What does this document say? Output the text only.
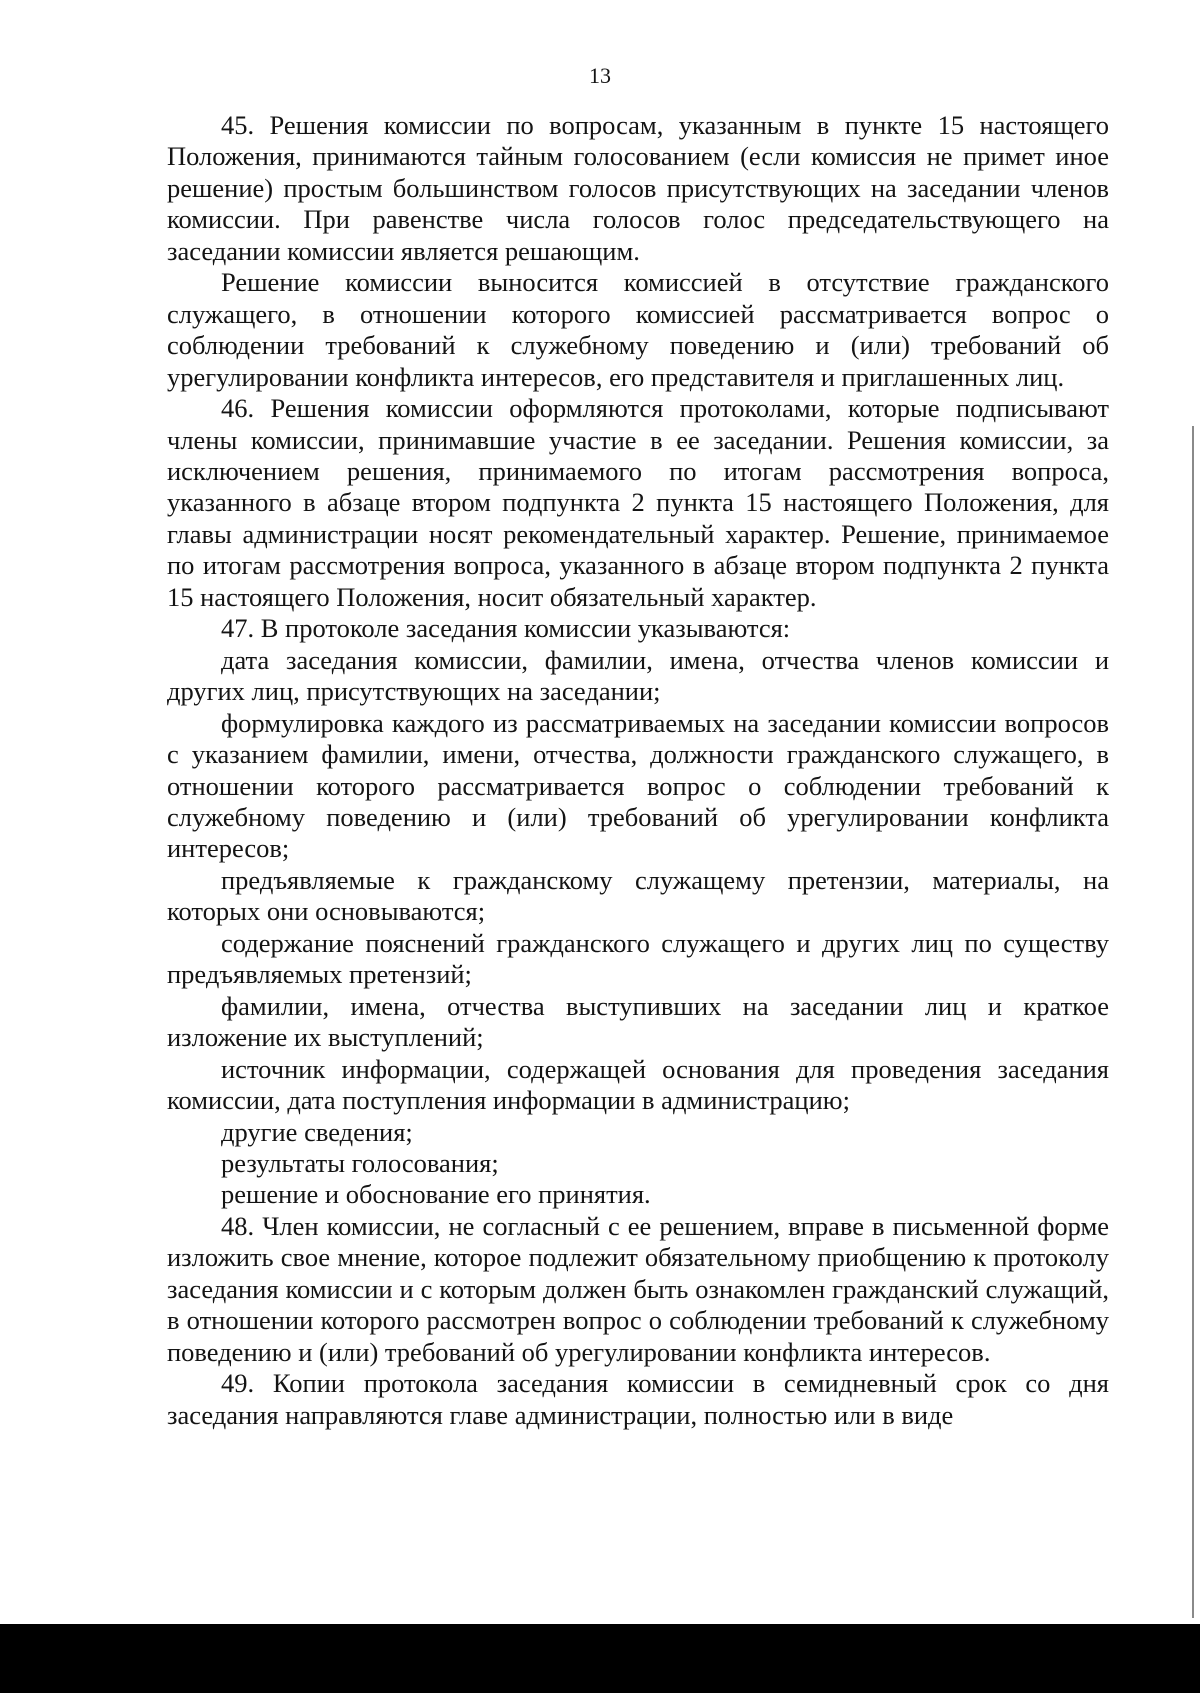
13

45. Решения комиссии по вопросам, указанным в пункте 15 настоящего Положения, принимаются тайным голосованием (если комиссия не примет иное решение) простым большинством голосов присутствующих на заседании членов комиссии. При равенстве числа голосов голос председательствующего на заседании комиссии является решающим.

Решение комиссии выносится комиссией в отсутствие гражданского служащего, в отношении которого комиссией рассматривается вопрос о соблюдении требований к служебному поведению и (или) требований об урегулировании конфликта интересов, его представителя и приглашенных лиц.

46. Решения комиссии оформляются протоколами, которые подписывают члены комиссии, принимавшие участие в ее заседании. Решения комиссии, за исключением решения, принимаемого по итогам рассмотрения вопроса, указанного в абзаце втором подпункта 2 пункта 15 настоящего Положения, для главы администрации носят рекомендательный характер. Решение, принимаемое по итогам рассмотрения вопроса, указанного в абзаце втором подпункта 2 пункта 15 настоящего Положения, носит обязательный характер.

47. В протоколе заседания комиссии указываются:

дата заседания комиссии, фамилии, имена, отчества членов комиссии и других лиц, присутствующих на заседании;

формулировка каждого из рассматриваемых на заседании комиссии вопросов с указанием фамилии, имени, отчества, должности гражданского служащего, в отношении которого рассматривается вопрос о соблюдении требований к служебному поведению и (или) требований об урегулировании конфликта интересов;

предъявляемые к гражданскому служащему претензии, материалы, на которых они основываются;

содержание пояснений гражданского служащего и других лиц по существу предъявляемых претензий;

фамилии, имена, отчества выступивших на заседании лиц и краткое изложение их выступлений;

источник информации, содержащей основания для проведения заседания комиссии, дата поступления информации в администрацию;

другие сведения;

результаты голосования;

решение и обоснование его принятия.

48. Член комиссии, не согласный с ее решением, вправе в письменной форме изложить свое мнение, которое подлежит обязательному приобщению к протоколу заседания комиссии и с которым должен быть ознакомлен гражданский служащий, в отношении которого рассмотрен вопрос о соблюдении требований к служебному поведению и (или) требований об урегулировании конфликта интересов.

49. Копии протокола заседания комиссии в семидневный срок со дня заседания направляются главе администрации, полностью или в виде
